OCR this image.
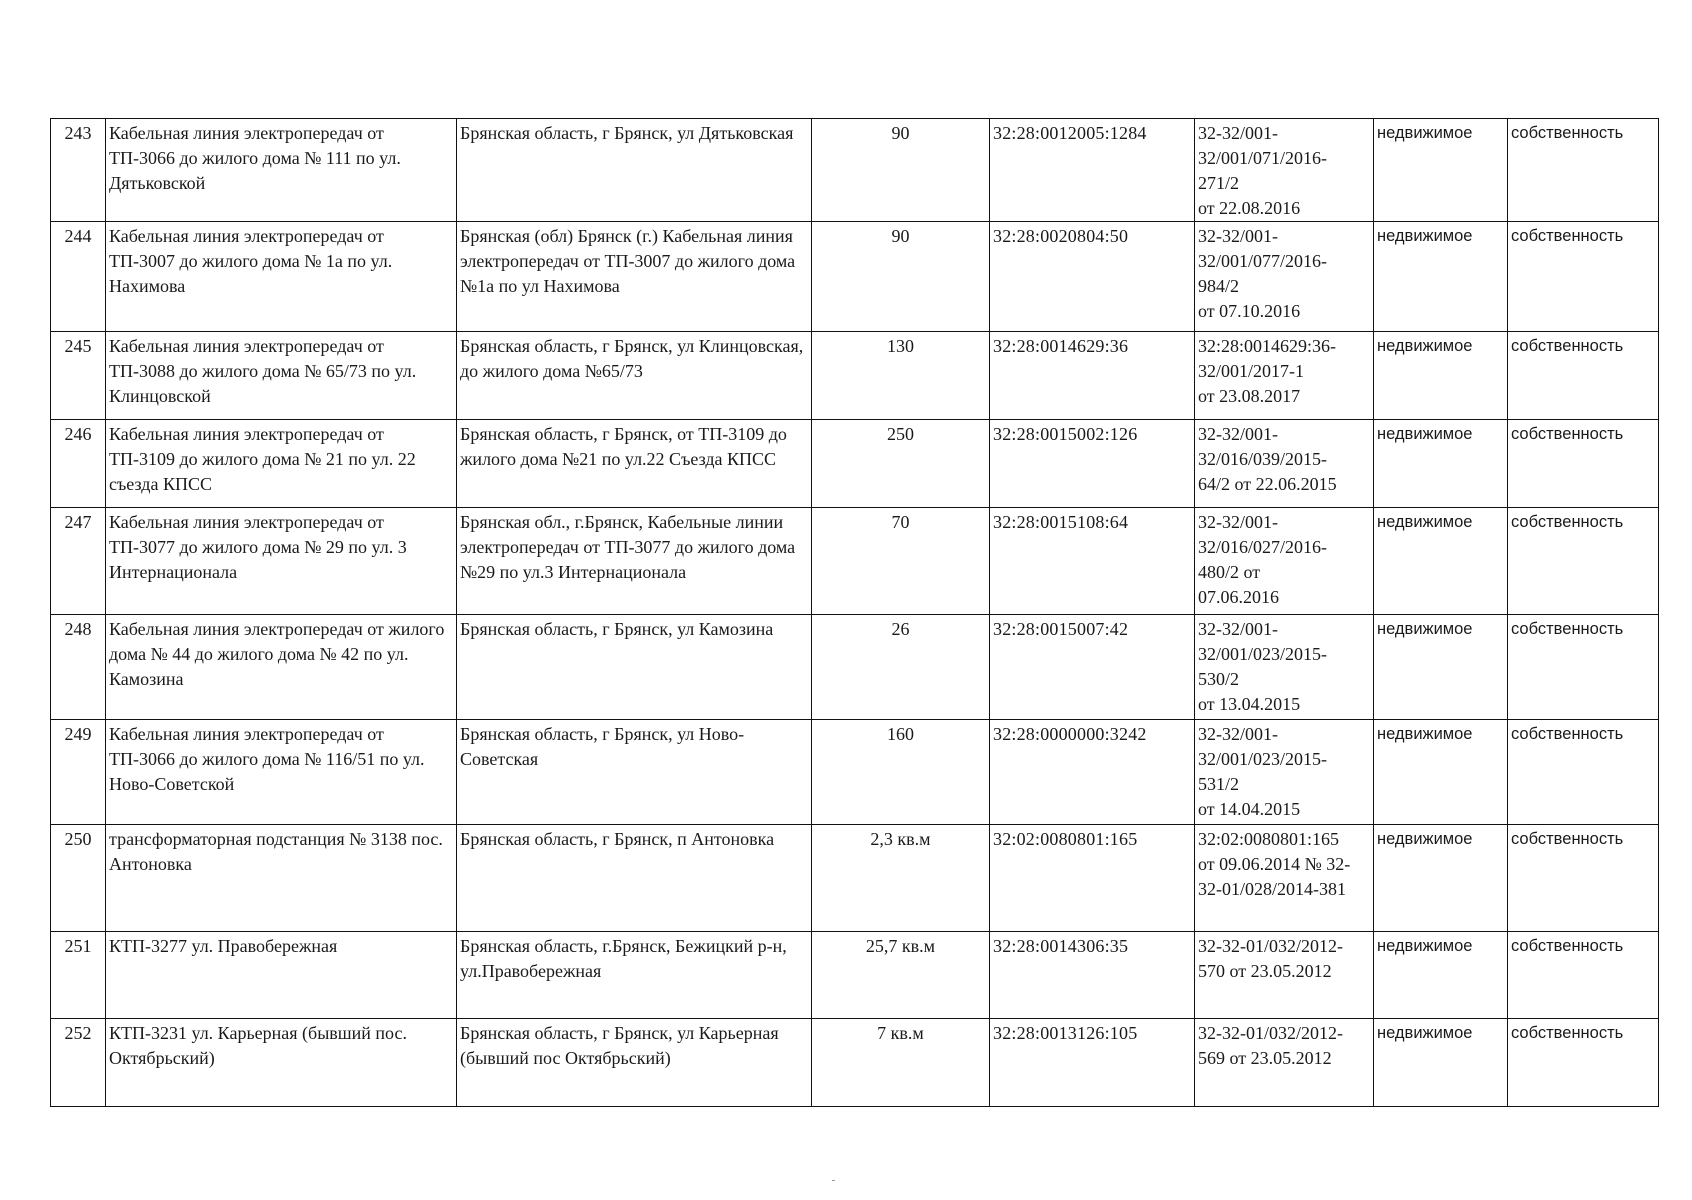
243	Кабельная линия электропередач от ТП-3066 до жилого дома № 111 по ул. Дятьковской	Брянская область, г Брянск, ул Дятьковская	90	32:28:0012005:1284	32-32/001-
32/001/071/2016-
271/2
от 22.08.2016	недвижимое	собственность
244	Кабельная линия электропередач от ТП-3007 до жилого дома № 1а по ул. Нахимова	Брянская (обл) Брянск (г.) Кабельная линия электропередач от ТП-3007 до жилого дома №1а по ул Нахимова	90	32:28:0020804:50	32-32/001-
32/001/077/2016-
984/2
от 07.10.2016	недвижимое	собственность
245	Кабельная линия электропередач от ТП-3088 до жилого дома № 65/73 по ул. Клинцовской	Брянская область, г Брянск, ул Клинцовская, до жилого дома №65/73	130	32:28:0014629:36	32:28:0014629:36-
32/001/2017-1
от 23.08.2017	недвижимое	собственность
246	Кабельная линия электропередач от ТП-3109 до жилого дома № 21 по ул. 22 съезда КПСС	Брянская область, г Брянск, от ТП-3109 до жилого дома №21 по ул.22 Съезда КПСС	250	32:28:0015002:126	32-32/001-
32/016/039/2015-
64/2 от 22.06.2015	недвижимое	собственность
247	Кабельная линия электропередач от ТП-3077 до жилого дома № 29 по ул. 3 Интернационала	Брянская обл., г.Брянск, Кабельные линии электропередач от ТП-3077 до жилого дома №29 по ул.3 Интернационала	70	32:28:0015108:64	32-32/001-
32/016/027/2016-
480/2 от
07.06.2016	недвижимое	собственность
248	Кабельная линия электропередач от жилого дома № 44 до жилого дома № 42 по ул. Камозина	Брянская область, г Брянск, ул Камозина	26	32:28:0015007:42	32-32/001-
32/001/023/2015-
530/2
от 13.04.2015	недвижимое	собственность
249	Кабельная линия электропередач от ТП-3066 до жилого дома № 116/51 по ул. Ново-Советской	Брянская область, г Брянск, ул Ново-Советская	160	32:28:0000000:3242	32-32/001-
32/001/023/2015-
531/2
от 14.04.2015	недвижимое	собственность
250	трансформаторная подстанция № 3138 пос. Антоновка	Брянская область, г Брянск, п Антоновка	2,3 кв.м	32:02:0080801:165	32:02:0080801:165
от 09.06.2014 № 32-
32-01/028/2014-381	недвижимое	собственность
251	КТП-3277 ул. Правобережная	Брянская область, г.Брянск, Бежицкий р-н, ул.Правобережная	25,7 кв.м	32:28:0014306:35	32-32-01/032/2012-
570 от 23.05.2012	недвижимое	собственность
252	КТП-3231 ул. Карьерная (бывший пос. Октябрьский)	Брянская область, г Брянск, ул Карьерная (бывший пос Октябрьский)	7 кв.м	32:28:0013126:105	32-32-01/032/2012-
569 от 23.05.2012	недвижимое	собственность
